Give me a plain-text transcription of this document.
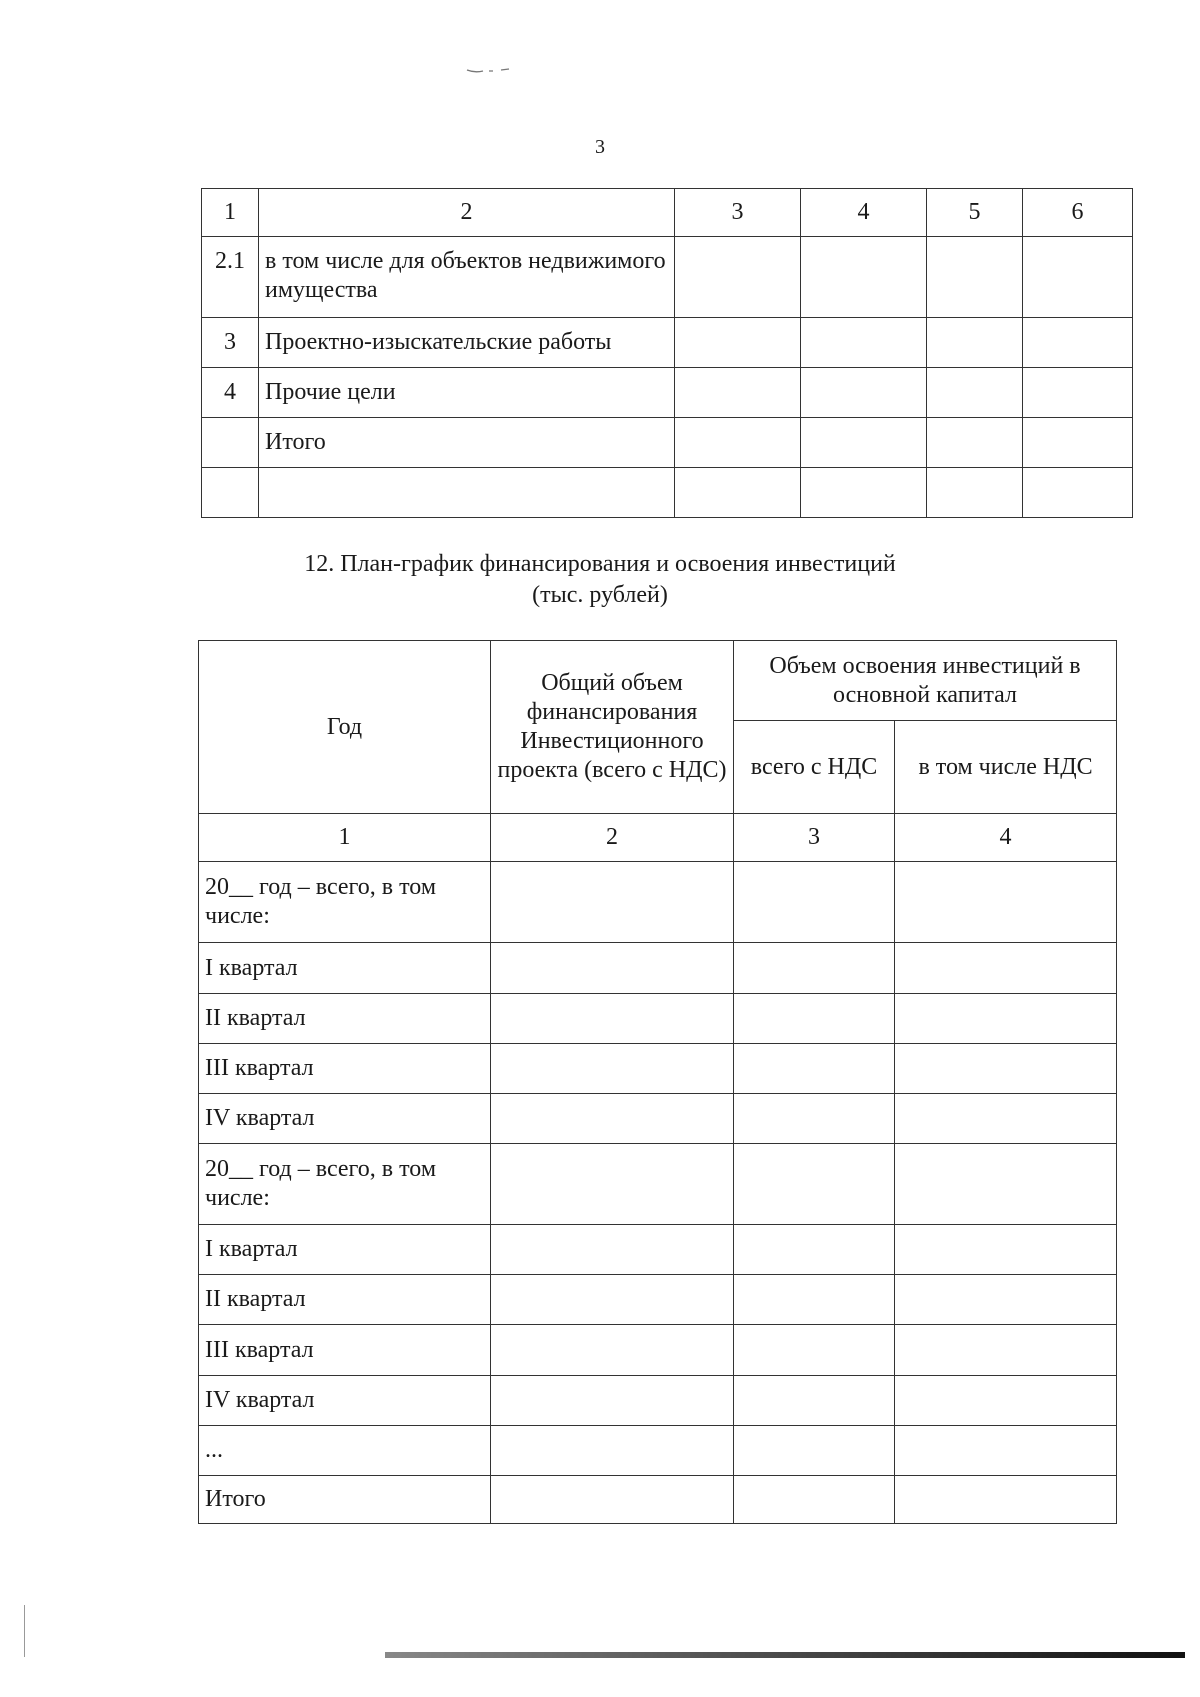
3
1	2	3	4	5	6
2.1	в том числе для объектов недвижимого имущества				
3	Проектно-изыскательские работы				
4	Прочие цели				
	Итого				

12. План-график финансирования и освоения инвестиций
(тыс. рублей)
Год	Общий объем финансирования Инвестиционного проекта (всего с НДС)	Объем освоения инвестиций в основной капитал	
		всего с НДС	в том числе НДС
1	2	3	4
20__ год – всего, в том числе:			
I квартал			
II квартал			
III квартал			
IV квартал			
20__ год – всего, в том числе:			
I квартал			
II квартал			
III квартал			
IV квартал			
...			
Итого			
